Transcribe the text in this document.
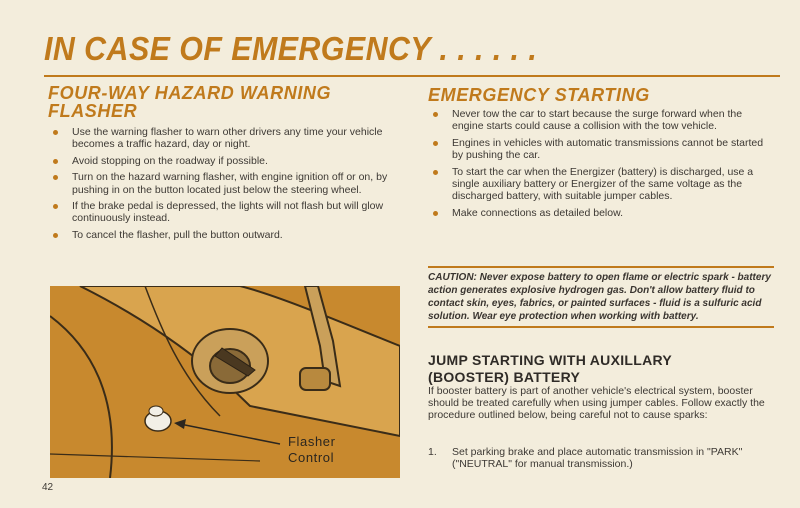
IN CASE OF EMERGENCY . . . . . .
FOUR-WAY HAZARD WARNING
FLASHER
Use the warning flasher to warn other drivers any time your vehicle becomes a traffic hazard, day or night.
Avoid stopping on the roadway if possible.
Turn on the hazard warning flasher, with engine ignition off or on, by pushing in on the button located just below the steering wheel.
If the brake pedal is depressed, the lights will not flash but will glow continuously instead.
To cancel the flasher, pull the button outward.
Flasher
Control
EMERGENCY STARTING
Never tow the car to start because the surge forward when the engine starts could cause a collision with the tow vehicle.
Engines in vehicles with automatic transmissions cannot be started by pushing the car.
To start the car when the Energizer (battery) is discharged, use a single auxiliary battery or Energizer of the same voltage as the discharged battery, with suitable jumper cables.
Make connections as detailed below.
CAUTION: Never expose battery to open flame or electric spark - battery action generates explosive hydrogen gas. Don't allow battery fluid to contact skin, eyes, fabrics, or painted surfaces - fluid is a sulfuric acid solution. Wear eye protection when working with battery.
JUMP STARTING WITH AUXILLARY
(BOOSTER) BATTERY
If booster battery is part of another vehicle's electrical system, booster should be treated carefully when using jumper cables. Follow exactly the procedure outlined below, being careful not to cause sparks:
1.	Set parking brake and place automatic transmission in "PARK" ("NEUTRAL" for manual transmission.)
42
